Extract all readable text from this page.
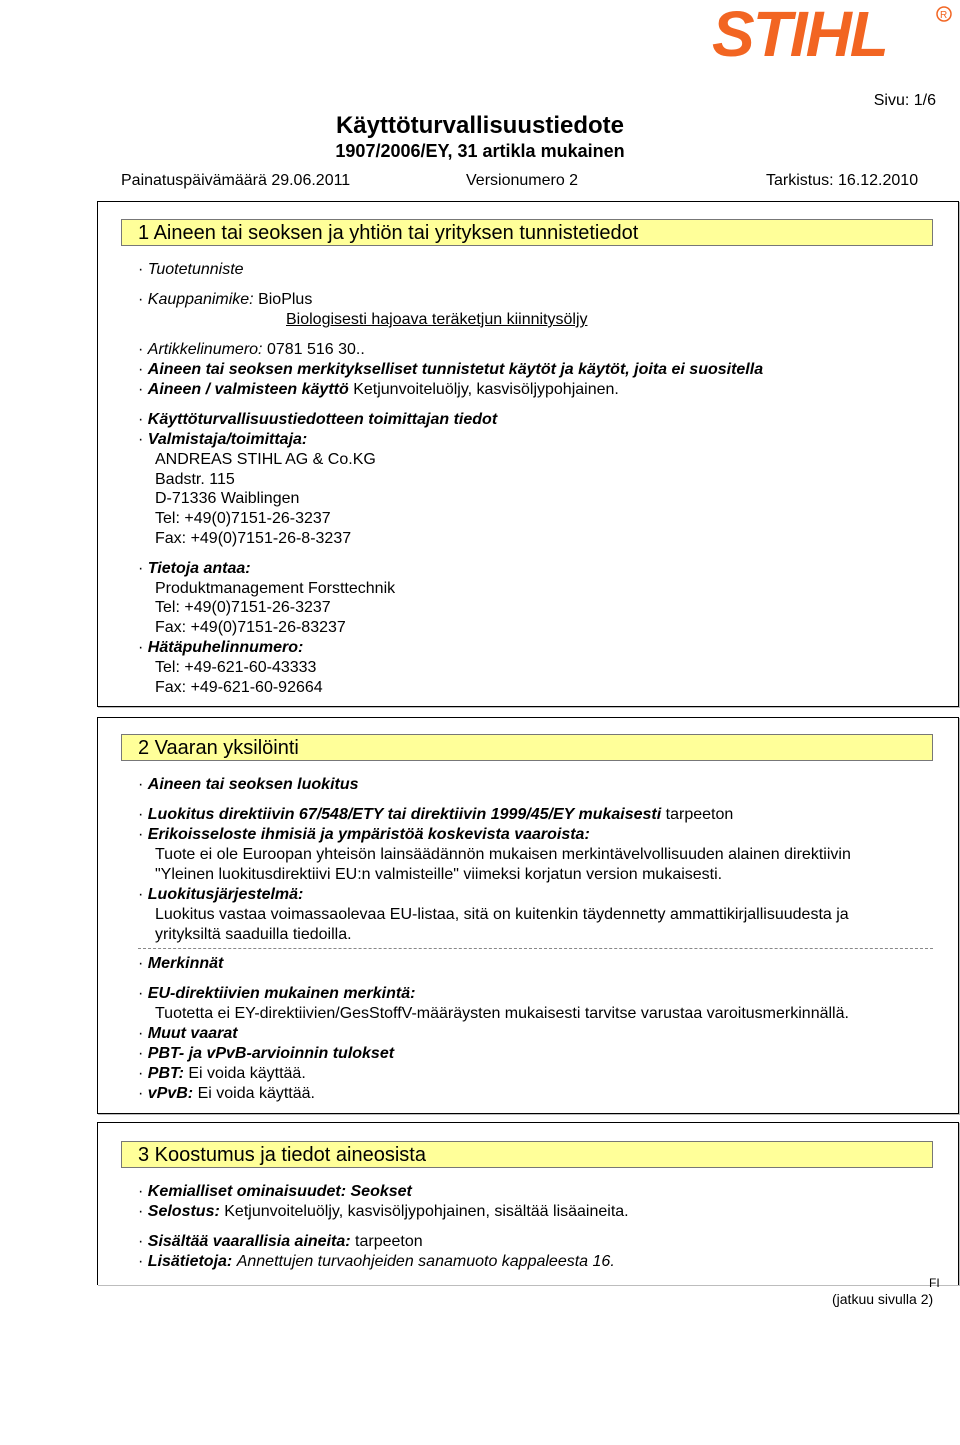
STIHL	R
Sivu: 1/6
Käyttöturvallisuustiedote
1907/2006/EY, 31 artikla mukainen
Painatuspäivämäärä 29.06.2011	Versionumero 2	Tarkistus: 16.12.2010
1 Aineen tai seoksen ja yhtiön tai yrityksen tunnistetiedot
· Tuotetunniste
· Kauppanimike: BioPlus
Biologisesti hajoava teräketjun kiinnitysöljy
· Artikkelinumero: 0781 516 30..
· Aineen tai seoksen merkitykselliset tunnistetut käytöt ja käytöt, joita ei suositella
· Aineen / valmisteen käyttö Ketjunvoiteluöljy, kasvisöljypohjainen.
· Käyttöturvallisuustiedotteen toimittajan tiedot
· Valmistaja/toimittaja:
ANDREAS STIHL AG & Co.KG
Badstr. 115
D-71336 Waiblingen
Tel: +49(0)7151-26-3237
Fax: +49(0)7151-26-8-3237
· Tietoja antaa:
Produktmanagement Forsttechnik
Tel: +49(0)7151-26-3237
Fax: +49(0)7151-26-83237
· Hätäpuhelinnumero:
Tel: +49-621-60-43333
Fax: +49-621-60-92664
2 Vaaran yksilöinti
· Aineen tai seoksen luokitus
· Luokitus direktiivin 67/548/ETY tai direktiivin 1999/45/EY mukaisesti tarpeeton
· Erikoisseloste ihmisiä ja ympäristöä koskevista vaaroista:
Tuote ei ole Euroopan yhteisön lainsäädännön mukaisen merkintävelvollisuuden alainen direktiivin
"Yleinen luokitusdirektiivi EU:n valmisteille" viimeksi korjatun version mukaisesti.
· Luokitusjärjestelmä:
Luokitus vastaa voimassaolevaa EU-listaa, sitä on kuitenkin täydennetty ammattikirjallisuudesta ja
yrityksiltä saaduilla tiedoilla.
· Merkinnät
· EU-direktiivien mukainen merkintä:
Tuotetta ei EY-direktiivien/GesStoffV-määräysten mukaisesti tarvitse varustaa varoitusmerkinnällä.
· Muut vaarat
· PBT- ja vPvB-arvioinnin tulokset
· PBT: Ei voida käyttää.
· vPvB: Ei voida käyttää.
3 Koostumus ja tiedot aineosista
· Kemialliset ominaisuudet: Seokset
· Selostus: Ketjunvoiteluöljy, kasvisöljypohjainen, sisältää lisäaineita.
· Sisältää vaarallisia aineita: tarpeeton
· Lisätietoja: Annettujen turvaohjeiden sanamuoto kappaleesta 16.
FI
(jatkuu sivulla 2)
